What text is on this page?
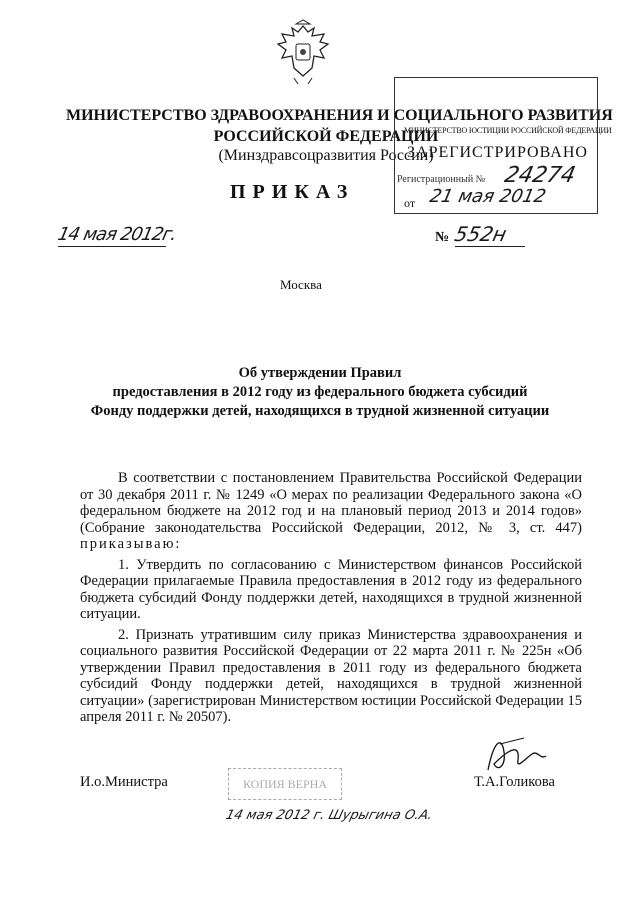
МИНИСТЕРСТВО ЗДРАВООХРАНЕНИЯ И СОЦИАЛЬНОГО РАЗВИТИЯ
РОССИЙСКОЙ ФЕДЕРАЦИИ
(Минздравсоцразвития России)
ПРИКАЗ
МИНИСТЕРСТВО ЮСТИЦИИ РОССИЙСКОЙ ФЕДЕРАЦИИ
ЗАРЕГИСТРИРОВАНО
Регистрационный № 24274
от 21 мая 2012
14 мая 2012г.	№ 552н
Москва
Об утверждении Правил
предоставления в 2012 году из федерального бюджета субсидий
Фонду поддержки детей, находящихся в трудной жизненной ситуации

В соответствии с постановлением Правительства Российской Федерации от 30 декабря 2011 г. № 1249 «О мерах по реализации Федерального закона «О федеральном бюджете на 2012 год и на плановый период 2013 и 2014 годов» (Собрание законодательства Российской Федерации, 2012, № 3, ст. 447) приказываю:

1. Утвердить по согласованию с Министерством финансов Российской Федерации прилагаемые Правила предоставления в 2012 году из федерального бюджета субсидий Фонду поддержки детей, находящихся в трудной жизненной ситуации.

2. Признать утратившим силу приказ Министерства здравоохранения и социального развития Российской Федерации от 22 марта 2011 г. № 225н «Об утверждении Правил предоставления в 2011 году из федерального бюджета субсидий Фонду поддержки детей, находящихся в трудной жизненной ситуации» (зарегистрирован Министерством юстиции Российской Федерации 15 апреля 2011 г. № 20507).

И.о.Министра	Т.А.Голикова
КОПИЯ ВЕРНА
14 мая 2012 г. Шурыгина О.А.
